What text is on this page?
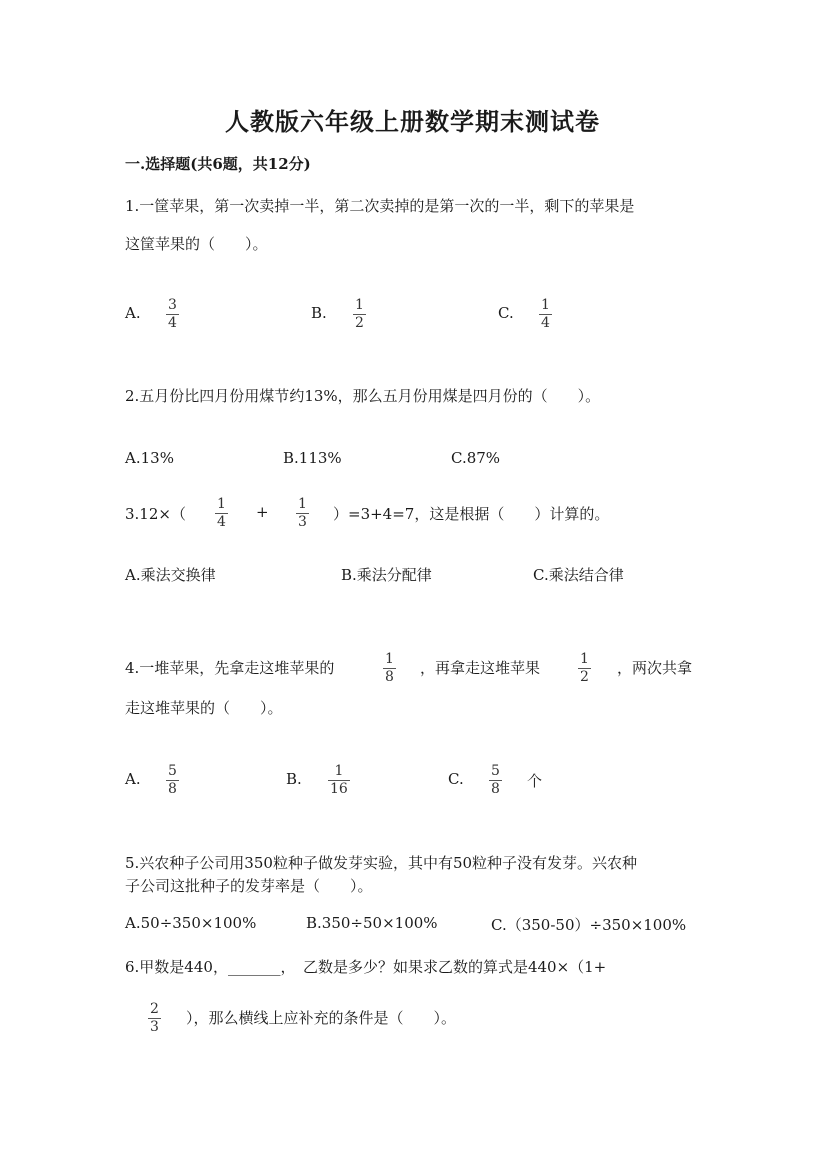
人教版六年级上册数学期末测试卷
一.选择题(共6题，共12分)
1.一筐苹果，第一次卖掉一半，第二次卖掉的是第一次的一半，剩下的苹果是
这筐苹果的（　　）。
A. 3
4
B. 1
2
C. 1
4
2.五月份比四月份用煤节约13%，那么五月份用煤是四月份的（　　）。
A.13%	B.113%	C.87%
3.12×（
1
4
+ 1
3 ）=3+4=7，这是根据（　　）计算的。
A.乘法交换律	B.乘法分配律	C.乘法结合律
4.一堆苹果，先拿走这堆苹果的	1
8 ，再拿走这堆苹果	1
2 ，两次共拿
走这堆苹果的（　　）。
A. 5
8
B. 1
16
C. 5
8 个
5.兴农种子公司用350粒种子做发芽实验，其中有50粒种子没有发芽。兴农种
子公司这批种子的发芽率是（　　）。
A.50÷350×100%	B.350÷50×100%	C.（350-50）÷350×100%
6.甲数是440，_______，　乙数是多少？如果求乙数的算式是440×（1+
2
3 ），那么横线上应补充的条件是（　　）。
